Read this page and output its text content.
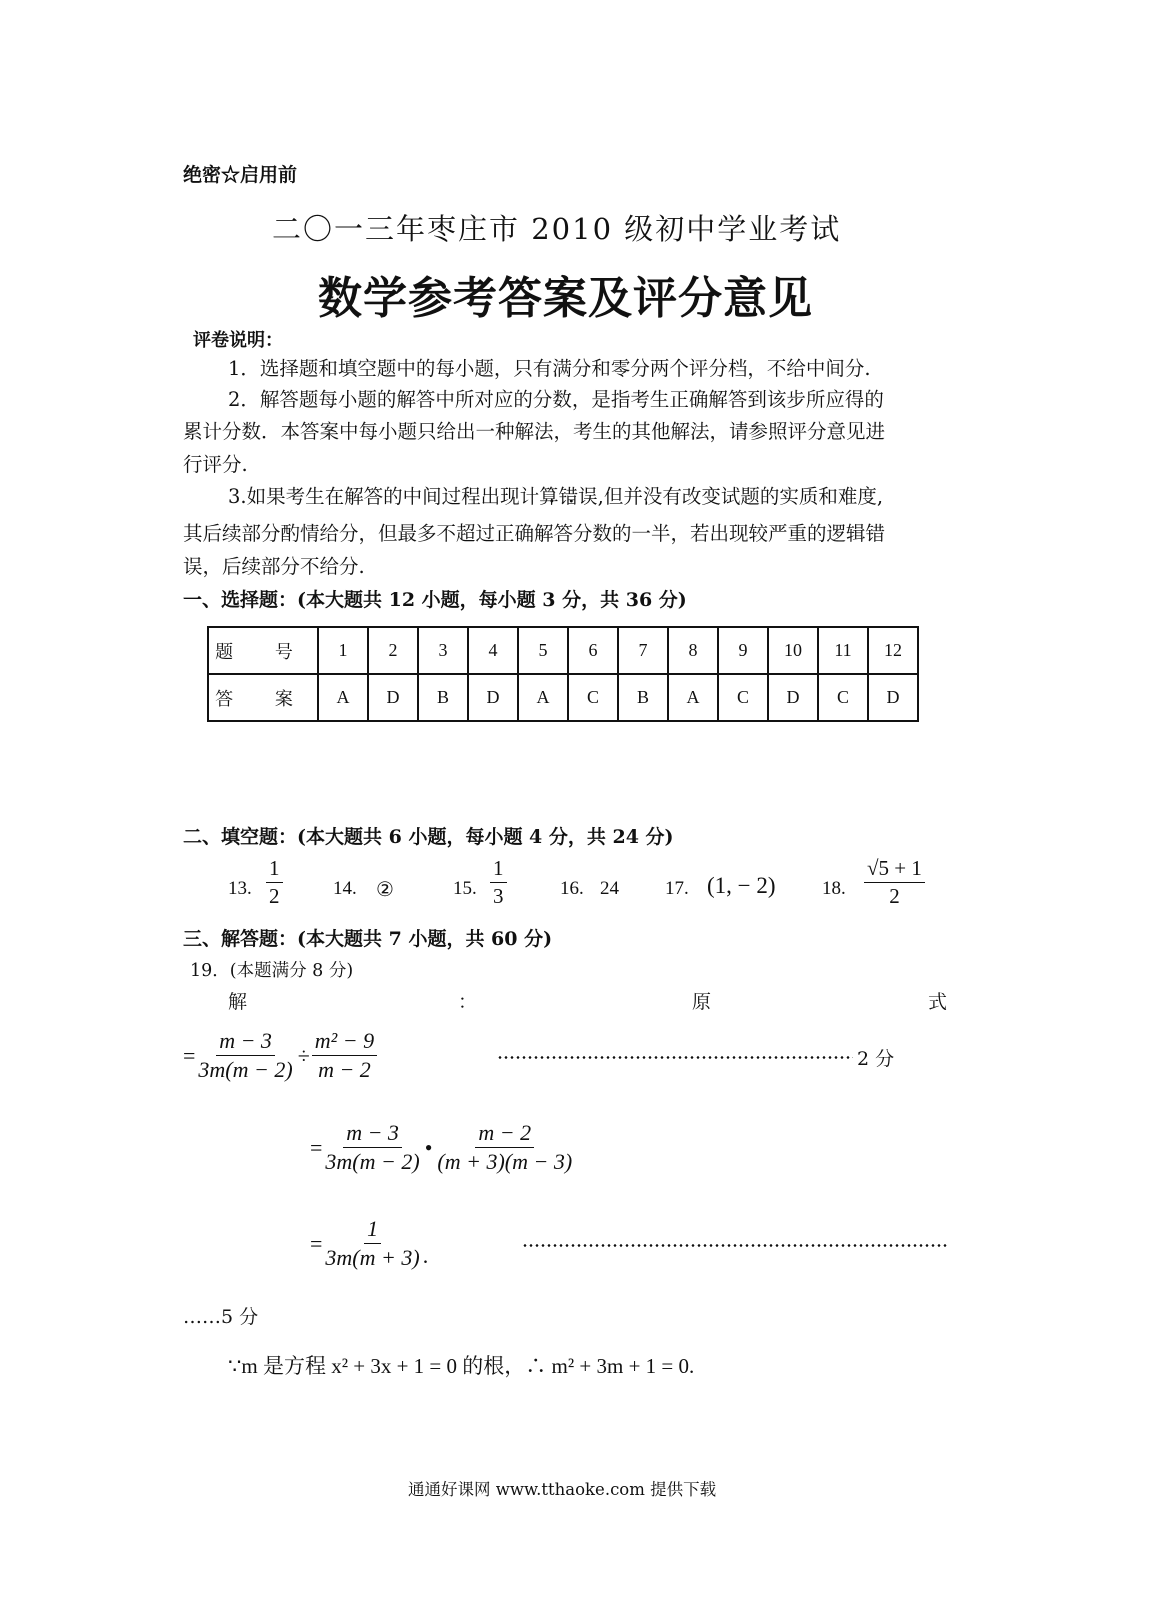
绝密☆启用前
二〇一三年枣庄市 2010 级初中学业考试
数学参考答案及评分意见
评卷说明：
1．选择题和填空题中的每小题，只有满分和零分两个评分档，不给中间分.
2．解答题每小题的解答中所对应的分数，是指考生正确解答到该步所应得的
累计分数．本答案中每小题只给出一种解法，考生的其他解法，请参照评分意见进
行评分.
3.如果考生在解答的中间过程出现计算错误,但并没有改变试题的实质和难度,
其后续部分酌情给分，但最多不超过正确解答分数的一半，若出现较严重的逻辑错
误，后续部分不给分.
一、选择题：(本大题共 12 小题，每小题 3 分，共 36 分)
题 号	1	2	3	4	5	6	7	8	9	10	11	12
答 案	A	D	B	D	A	C	B	A	C	D	C	D
二、填空题：(本大题共 6 小题，每小题 4 分，共 24 分)
13. $\frac{1}{2}$	14. ②	15. $\frac{1}{3}$	16. 24 17. (1, − 2) 18. $\frac{√5 + 1}{2}$
三、解答题：(本大题共 7 小题，共 60 分)
19．(本题满分 8 分)
解	：	原	式
= $\frac{m - 3}{3m(m - 2)} \div \frac{\text{m² − 9}}{m - 2}$	2 分
= $\frac{m - 3}{3m(m - 2)}$ • $\frac{m - 2}{(m + 3)(m - 3)}$
= $\frac{1}{3m(m + 3)}$ .
……5 分
∵m 是方程 x² + 3x + 1 = 0 的根，∴ m² + 3m + 1 = 0.
通通好课网 www.tthaoke.com 提供下载
